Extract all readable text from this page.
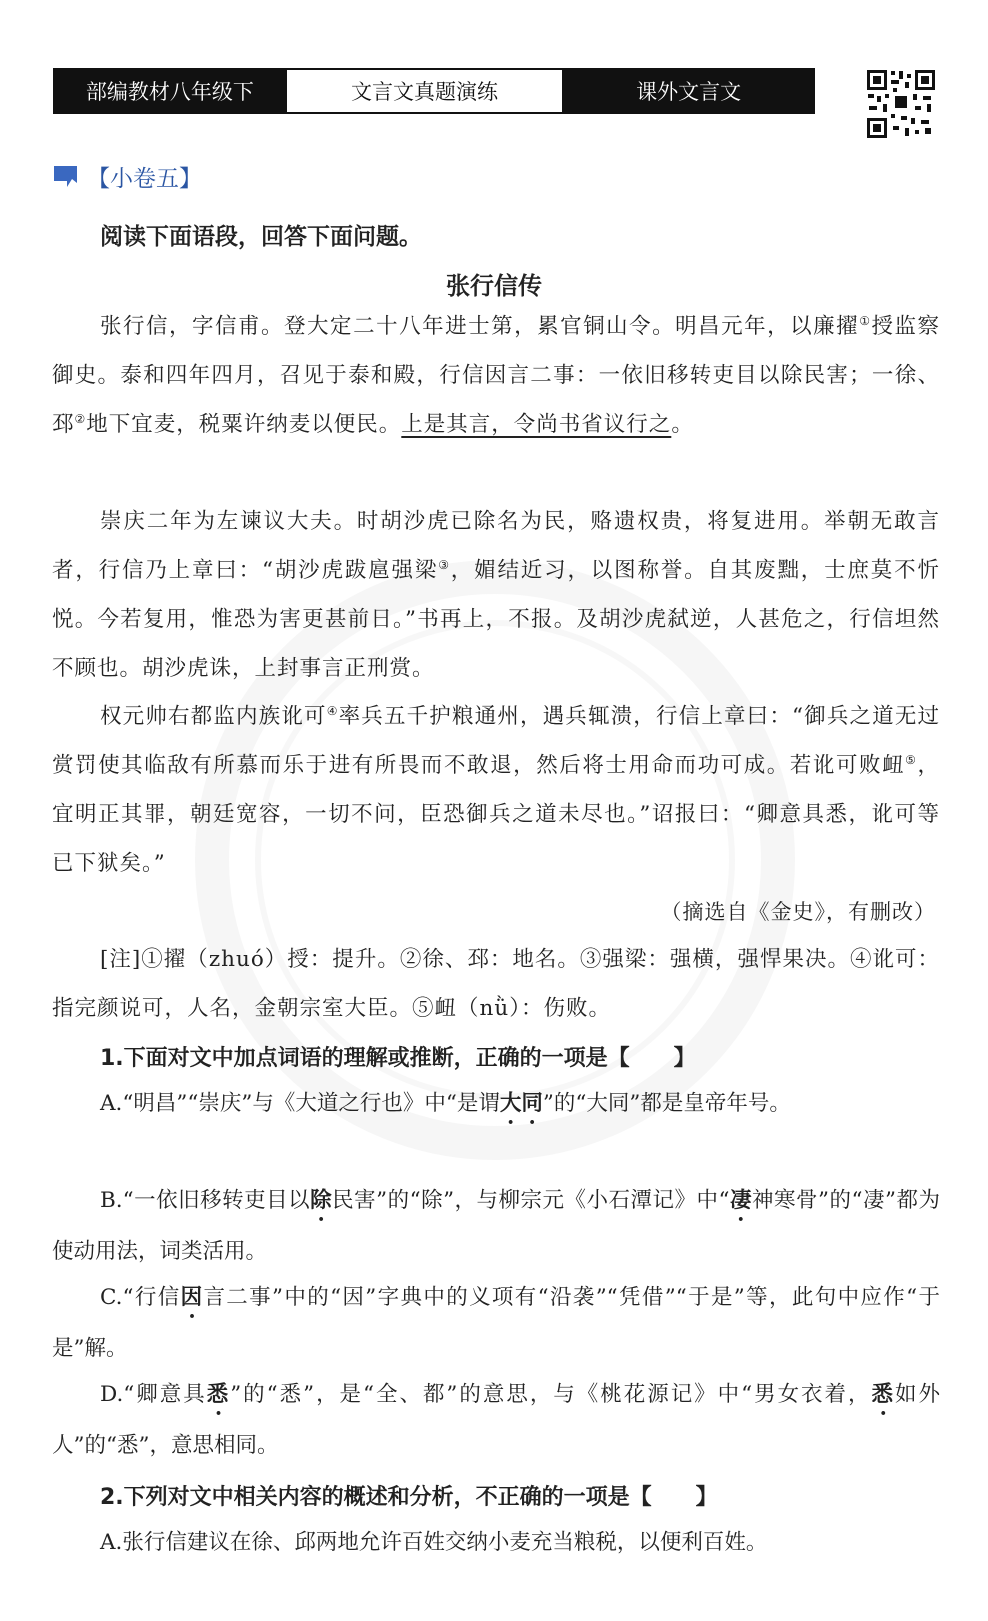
部编教材八年级下	文言文真题演练	课外文言文
【小卷五】
阅读下面语段，回答下面问题。
张行信传
张行信，字信甫。登大定二十八年进士第，累官铜山令。明昌元年，以廉擢①授监察御史。泰和四年四月，召见于泰和殿，行信因言二事：一依旧移转吏目以除民害；一徐、邳②地下宜麦，税粟许纳麦以便民。上是其言，令尚书省议行之。
崇庆二年为左谏议大夫。时胡沙虎已除名为民，赂遗权贵，将复进用。举朝无敢言者，行信乃上章曰：“胡沙虎跋扈强梁③，媚结近习，以图称誉。自其废黜，士庶莫不忻悦。今若复用，惟恐为害更甚前日。”书再上，不报。及胡沙虎弑逆，人甚危之，行信坦然不顾也。胡沙虎诛，上封事言正刑赏。
权元帅右都监内族讹可④率兵五千护粮通州，遇兵辄溃，行信上章曰：“御兵之道无过赏罚使其临敌有所慕而乐于进有所畏而不敢退，然后将士用命而功可成。若讹可败衄⑤，宜明正其罪，朝廷宽容，一切不问，臣恐御兵之道未尽也。”诏报曰：“卿意具悉，讹可等已下狱矣。”
（摘选自《金史》，有删改）
[注]①擢（zhuó）授：提升。②徐、邳：地名。③强梁：强横，强悍果决。④讹可：指完颜说可，人名，金朝宗室大臣。⑤衄（nǜ）：伤败。
1.下面对文中加点词语的理解或推断，正确的一项是【　　】
A.“明昌”“崇庆”与《大道之行也》中“是谓大同”的“大同”都是皇帝年号。
B.“一依旧移转吏目以除民害”的“除”，与柳宗元《小石潭记》中“凄神寒骨”的“凄”都为使动用法，词类活用。
C.“行信因言二事”中的“因”字典中的义项有“沿袭”“凭借”“于是”等，此句中应作“于是”解。
D.“卿意具悉”的“悉”，是“全、都”的意思，与《桃花源记》中“男女衣着，悉如外人”的“悉”，意思相同。
2.下列对文中相关内容的概述和分析，不正确的一项是【　　】
A.张行信建议在徐、邱两地允许百姓交纳小麦充当粮税，以便利百姓。
